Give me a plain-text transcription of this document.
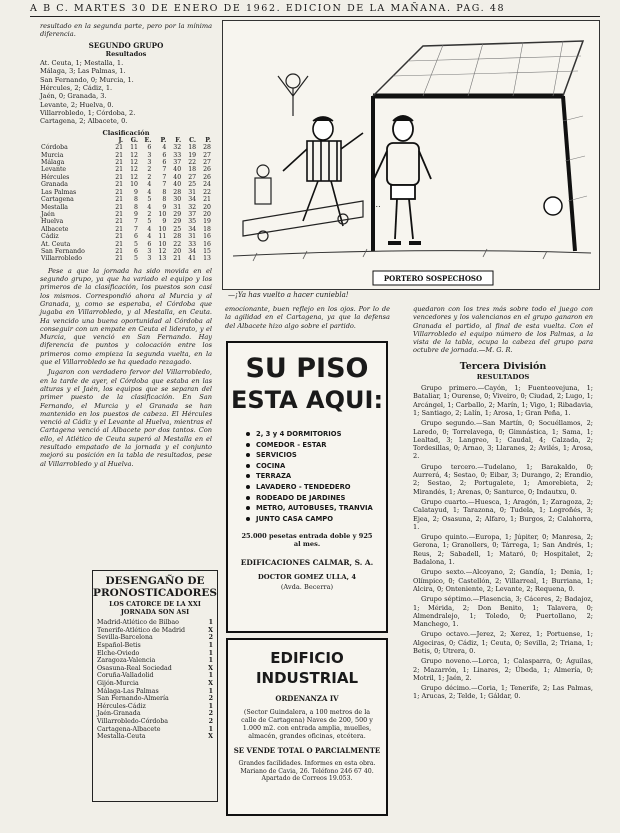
A B C. MARTES 30 DE ENERO DE 1962. EDICION DE LA MAÑANA. PAG. 48

resultado en la segunda parte, pero por la mínima diferencia.

SEGUNDO GRUPO
Resultados
At. Ceuta, 1; Mestalla, 1.
Málaga, 3; Las Palmas, 1.
San Fernando, 0; Murcia, 1.
Hércules, 2; Cádiz, 1.
Jaén, 0; Granada, 3.
Levante, 2; Huelva, 0.
Villarrobledo, 1; Córdoba, 2.
Cartagena, 2; Albacete, 0.
Clasificación
	J.	G.	E.	P.	F.	C.	P.
Córdoba	21	11	6	4	32	18	28
Murcia	21	12	3	6	33	19	27
Málaga	21	12	3	6	37	22	27
Levante	21	12	2	7	40	18	26
Hércules	21	12	2	7	40	27	26
Granada	21	10	4	7	40	25	24
Las Palmas	21	9	4	8	28	31	22
Cartagena	21	8	5	8	30	34	21
Mestalla	21	8	4	9	31	32	20
Jaén	21	9	2	10	29	37	20
Huelva	21	7	5	9	29	35	19
Albacete	21	7	4	10	25	34	18
Cádiz	21	6	4	11	28	31	16
At. Ceuta	21	5	6	10	22	33	16
San Fernando	21	6	3	12	20	34	15
Villarrobledo	21	5	3	13	21	41	13

Pese a que la jornada ha sido movida en el segundo grupo, ya que ha variado el equipo y los primeros de la clasificación, los puestos son casi los mismos. Correspondió ahora al Murcia y al Granada, y, como se esperaba, el Córdoba que jugaba en Villarrobledo, y al Mestalla, en Ceuta. Ha vencido una buena oportunidad al Córdoba al conseguir con un empate en Ceuta el liderato, y el Murcia, que venció en San Fernando. Hay diferencia de puntos y colocación entre los primeros como empieza la segunda vuelta, en la que el Villarrobledo se ha quedado rezagado.

Jugaron con verdadero fervor del Villarrobledo, en la tarde de ayer, el Córdoba que estaba en las alturas y el Jaén, los equipos que se separan del primer puesto de la clasificación. En San Fernando, el Murcia y el Granada se han mantenido en los puestos de cabeza. El Hércules venció al Cádiz y el Levante al Huelva, mientras el Cartagena venció al Albacete por dos tantos. Con ello, el Atlético de Ceuta superó al Mestalla en el resultado empatado de la jornada y el conjunto mejoró su posición en la tabla de resultados, pese al Villarrobledo y al Huelva.

DESENGAÑO DE PRONOSTICADORES
LOS CATORCE DE LA XXI JORNADA SON ASI
Madrid-Atlético de Bilbao	1
Tenerife-Atlético de Madrid	X
Sevilla-Barcelona	2
Español-Betis	1
Elche-Oviedo	1
Zaragoza-Valencia	1
Osasuna-Real Sociedad	X
Coruña-Valladolid	1
Gijón-Murcia	X
Málaga-Las Palmas	1
San Fernando-Almería	2
Hércules-Cádiz	1
Jaén-Granada	2
Villarrobledo-Córdoba	2
Cartagena-Albacete	1
Mestalla-Ceuta	X
...
PORTERO SOSPECHOSO
—¡Ya has vuelto a hacer cuniebla!

emocionante, buen reflejo en los ojos. Por lo de la agilidad en el Cartagena, ya que la defensa del Albacete hizo algo sobre el partido.

SU PISO
ESTA AQUI:
2, 3 y 4 DORMITORIOS
COMEDOR - ESTAR
SERVICIOS
COCINA
TERRAZA
LAVADERO - TENDEDERO
RODEADO DE JARDINES
METRO, AUTOBUSES, TRANVIA
JUNTO CASA CAMPO
25.000 pesetas entrada doble y 925 al mes.
EDIFICACIONES CALMAR, S. A.
DOCTOR GOMEZ ULLA, 4
(Avda. Becerra)
EDIFICIO INDUSTRIAL
ORDENANZA IV
(Sector Guindalera, a 100 metros de la calle de Cartagena) Naves de 200, 500 y 1.000 m2. con entrada amplia, muelles, almacén, grandes oficinas, etcétera.
SE VENDE TOTAL O PARCIALMENTE
Grandes facilidades. Informes en esta obra. Mariano de Cavia, 26. Teléfono 246 67 40. Apartado de Correos 19.053.

quedaron con los tres más sobre todo el juego con vencedores y los valencianos en el grupo ganaron en Granada el partido, al final de esta vuelta. Con el Villarrobledo el equipo número de los Palmas, a la vista de la tabla, ocupa la cabeza del grupo para octubre de jornada.—M. G. R.

Tercera División
RESULTADOS

Grupo primero.—Cayón, 1; Fuenteovejuna, 1; Bataliar, 1; Ourense, 0; Viveiro, 0; Ciudad, 2; Lugo, 1; Arcángel, 1; Carballo, 2; Marín, 1; Vigo, 1; Ribadavia, 1; Santiago, 2; Lalín, 1; Arosa, 1; Gran Peña, 1.

Grupo segundo.—San Martín, 0; Socuéllamos, 2; Laredo, 0; Torrelavega, 0; Gimnástica, 1; Sama, 1; Lealtad, 3; Langreo, 1; Caudal, 4; Calzada, 2; Tordesillas, 0; Arnao, 3; Llaranes, 2; Avilés, 1; Arosa, 2.

Grupo tercero.—Tudelano, 1; Barakaldo, 0; Aurrerá, 4; Sestao, 0; Eibar, 3; Durango, 2; Erandio, 2; Sestao, 2; Portugalete, 1; Amorebieta, 2; Mirandés, 1; Arenas, 0; Santurce, 0; Indautxu, 0.

Grupo cuarto.—Huesca, 1; Aragón, 1; Zaragoza, 2; Calatayud, 1; Tarazona, 0; Tudela, 1; Logroñés, 3; Ejea, 2; Osasuna, 2; Alfaro, 1; Burgos, 2; Calahorra, 1.

Grupo quinto.—Europa, 1; Júpiter, 0; Manresa, 2; Gerona, 1; Granollers, 0; Tárrega, 1; San Andrés, 1; Reus, 2; Sabadell, 1; Mataró, 0; Hospitalet, 2; Badalona, 1.

Grupo sexto.—Alcoyano, 2; Gandía, 1; Denia, 1; Olímpico, 0; Castellón, 2; Villarreal, 1; Burriana, 1; Alcira, 0; Onteniente, 2; Levante, 2; Requena, 0.

Grupo séptimo.—Plasencia, 3; Cáceres, 2; Badajoz, 1; Mérida, 2; Don Benito, 1; Talavera, 0; Almendralejo, 1; Toledo, 0; Puertollano, 2; Manchego, 1.

Grupo octavo.—Jerez, 2; Xerez, 1; Portuense, 1; Algeciras, 0; Cádiz, 1; Ceuta, 0; Sevilla, 2; Triana, 1; Betis, 0; Utrera, 0.

Grupo noveno.—Lorca, 1; Calasparra, 0; Águilas, 2; Mazarrón, 1; Linares, 2; Úbeda, 1; Almería, 0; Motril, 1; Jaén, 2.

Grupo décimo.—Coria, 1; Tenerife, 2; Las Palmas, 1; Arucas, 2; Telde, 1; Gáldar, 0.
